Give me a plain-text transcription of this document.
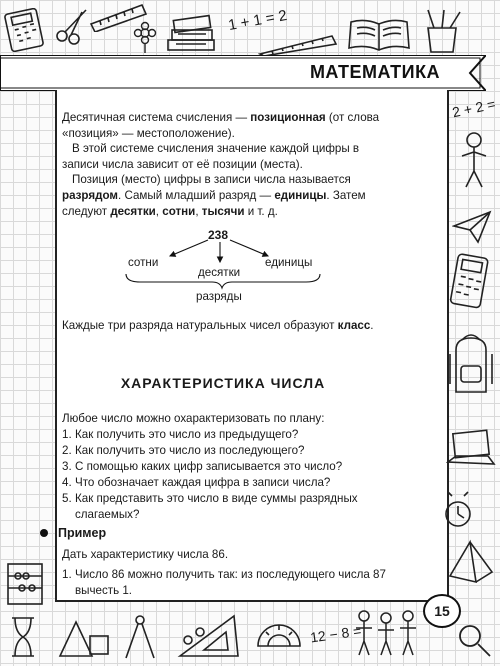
1 + 1 = 2
МАТЕМАТИКА
Десятичная система счисления — позиционная (от слова «позиция» — местоположение).
В этой системе счисления значение каждой цифры в записи числа зависит от её позиции (места).
Позиция (место) цифры в записи числа называется разрядом. Самый младший разряд — единицы. Затем следуют десятки, сотни, тысячи и т. д.
238
сотни
десятки
единицы
разряды
Каждые три разряда натуральных чисел образуют класс.
ХАРАКТЕРИСТИКА ЧИСЛА
Любое число можно охарактеризовать по плану:
1. Как получить это число из предыдущего?
2. Как получить это число из последующего?
3. С помощью каких цифр записывается это число?
4. Что обозначает каждая цифра в записи числа?
5. Как представить это число в виде суммы разрядных слагаемых?
Пример
Дать характеристику числа 86.
1. Число 86 можно получить так: из последующего числа 87 вычесть 1.
15
2 + 2 =
12 − 8 =
